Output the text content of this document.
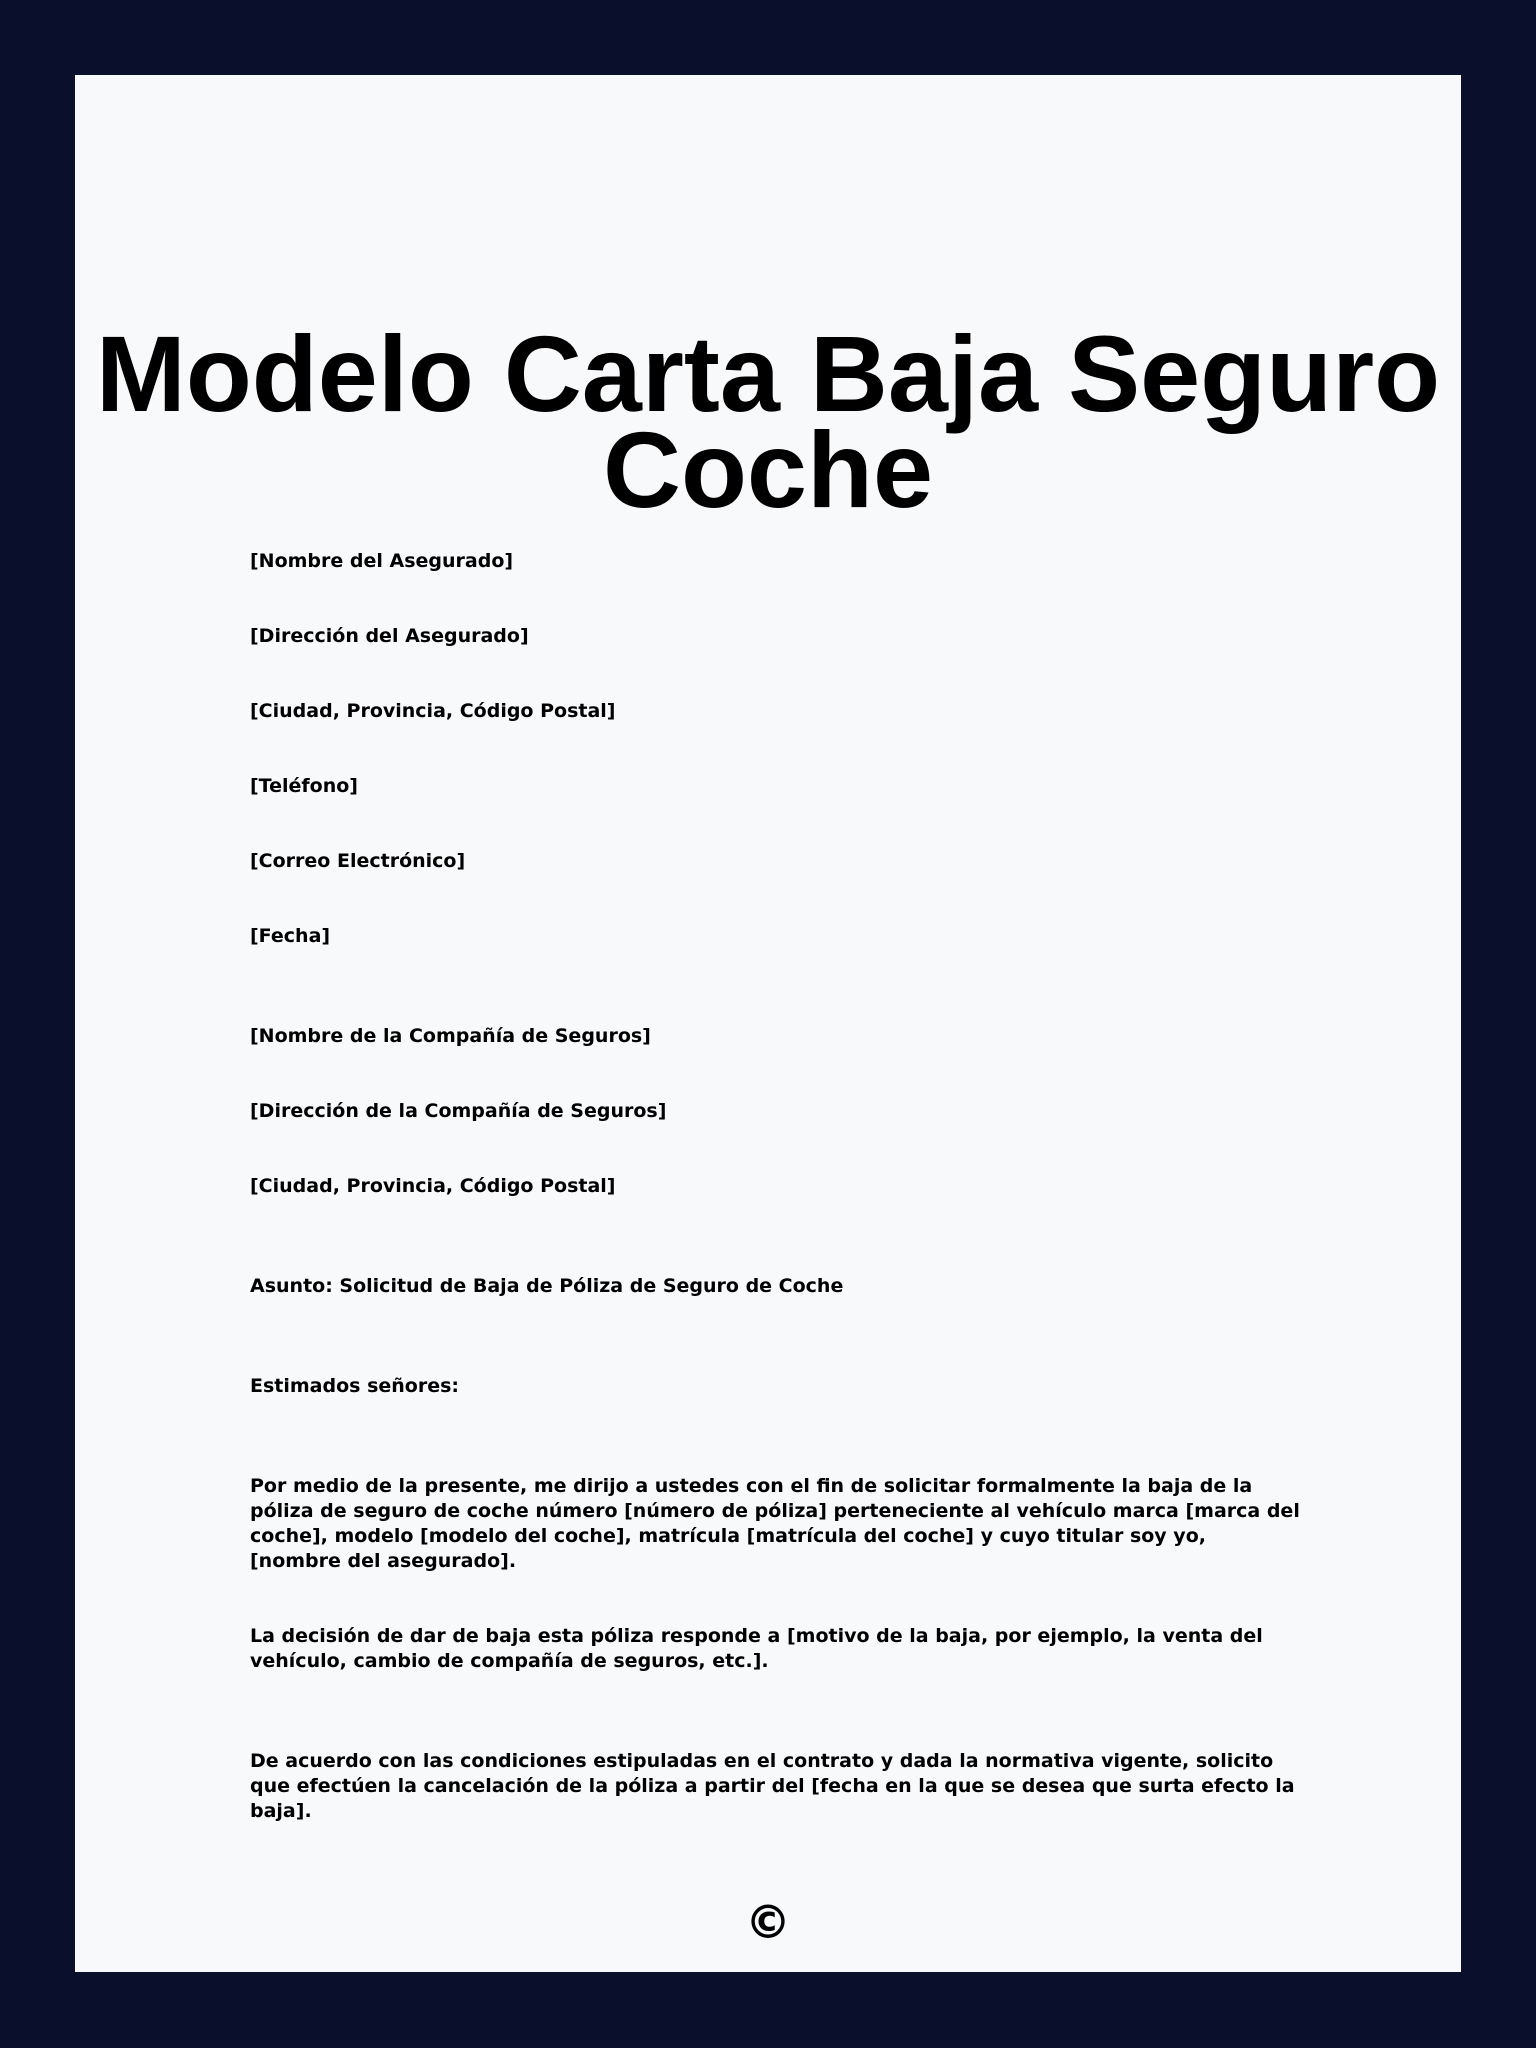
Modelo Carta Baja Seguro
Coche

[Nombre del Asegurado]

[Dirección del Asegurado]

[Ciudad, Provincia, Código Postal]

[Teléfono]

[Correo Electrónico]

[Fecha]

[Nombre de la Compañía de Seguros]

[Dirección de la Compañía de Seguros]

[Ciudad, Provincia, Código Postal]

Asunto: Solicitud de Baja de Póliza de Seguro de Coche

Estimados señores:

Por medio de la presente, me dirijo a ustedes con el fin de solicitar formalmente la baja de la póliza de seguro de coche número [número de póliza] perteneciente al vehículo marca [marca del coche], modelo [modelo del coche], matrícula [matrícula del coche] y cuyo titular soy yo, [nombre del asegurado].

La decisión de dar de baja esta póliza responde a [motivo de la baja, por ejemplo, la venta del vehículo, cambio de compañía de seguros, etc.].

De acuerdo con las condiciones estipuladas en el contrato y dada la normativa vigente, solicito que efectúen la cancelación de la póliza a partir del [fecha en la que se desea que surta efecto la baja].

©
